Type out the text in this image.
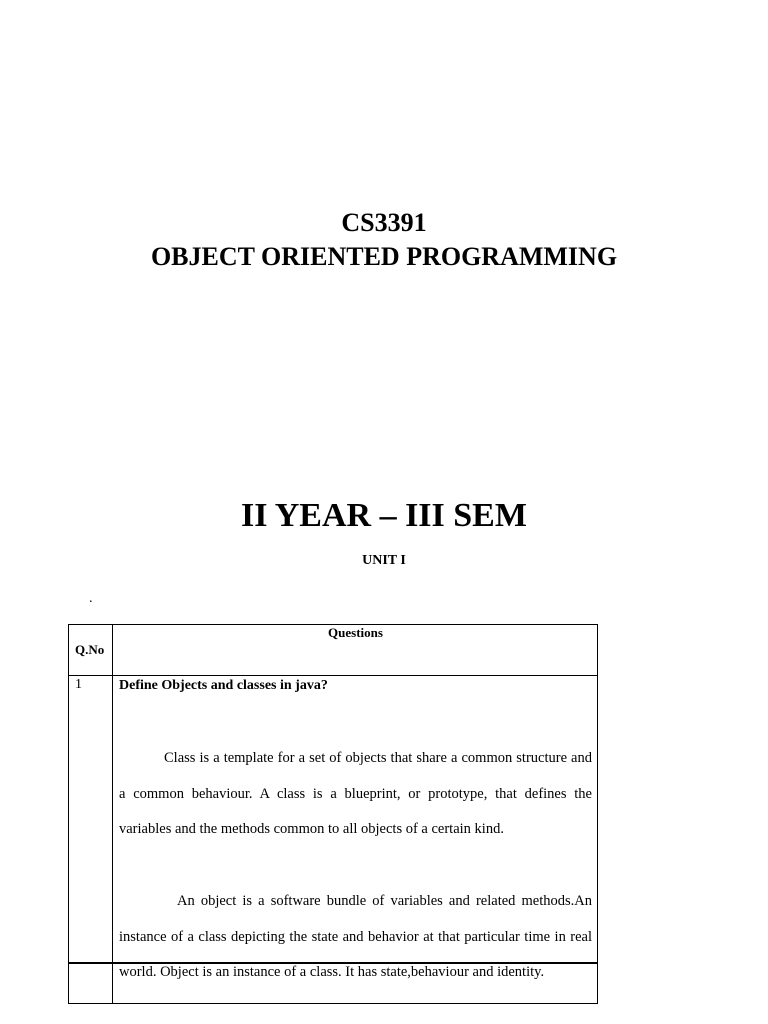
CS3391
OBJECT ORIENTED PROGRAMMING
II YEAR – III SEM
UNIT I
.
Questions
Q.No
1	Define Objects and classes in java?
Class is a template for a set of objects that share a common structure and a common behaviour. A class is a blueprint, or prototype, that defines the variables and the methods common to all objects of a certain kind.
An object is a software bundle of variables and related methods.An instance of a class depicting the state and behavior at that particular time in real world. Object is an instance of a class. It has state,behaviour and identity.
